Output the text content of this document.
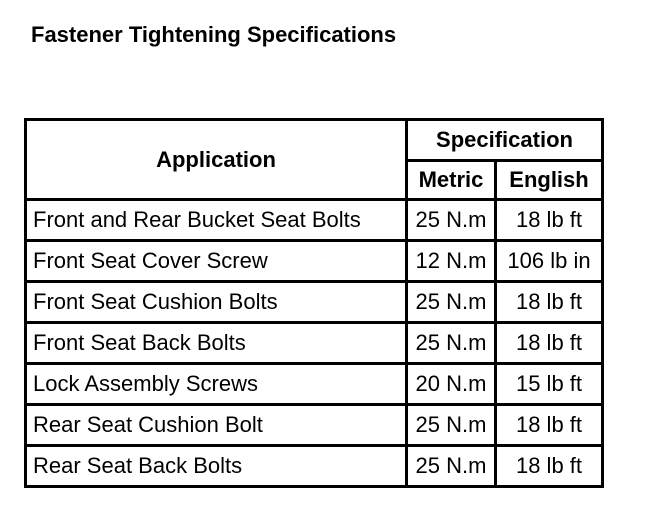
Fastener Tightening Specifications
Application	Specification	
	Metric	English
Front and Rear Bucket Seat Bolts	25 N.m	18 lb ft
Front Seat Cover Screw	12 N.m	106 lb in
Front Seat Cushion Bolts	25 N.m	18 lb ft
Front Seat Back Bolts	25 N.m	18 lb ft
Lock Assembly Screws	20 N.m	15 lb ft
Rear Seat Cushion Bolt	25 N.m	18 lb ft
Rear Seat Back Bolts	25 N.m	18 lb ft
